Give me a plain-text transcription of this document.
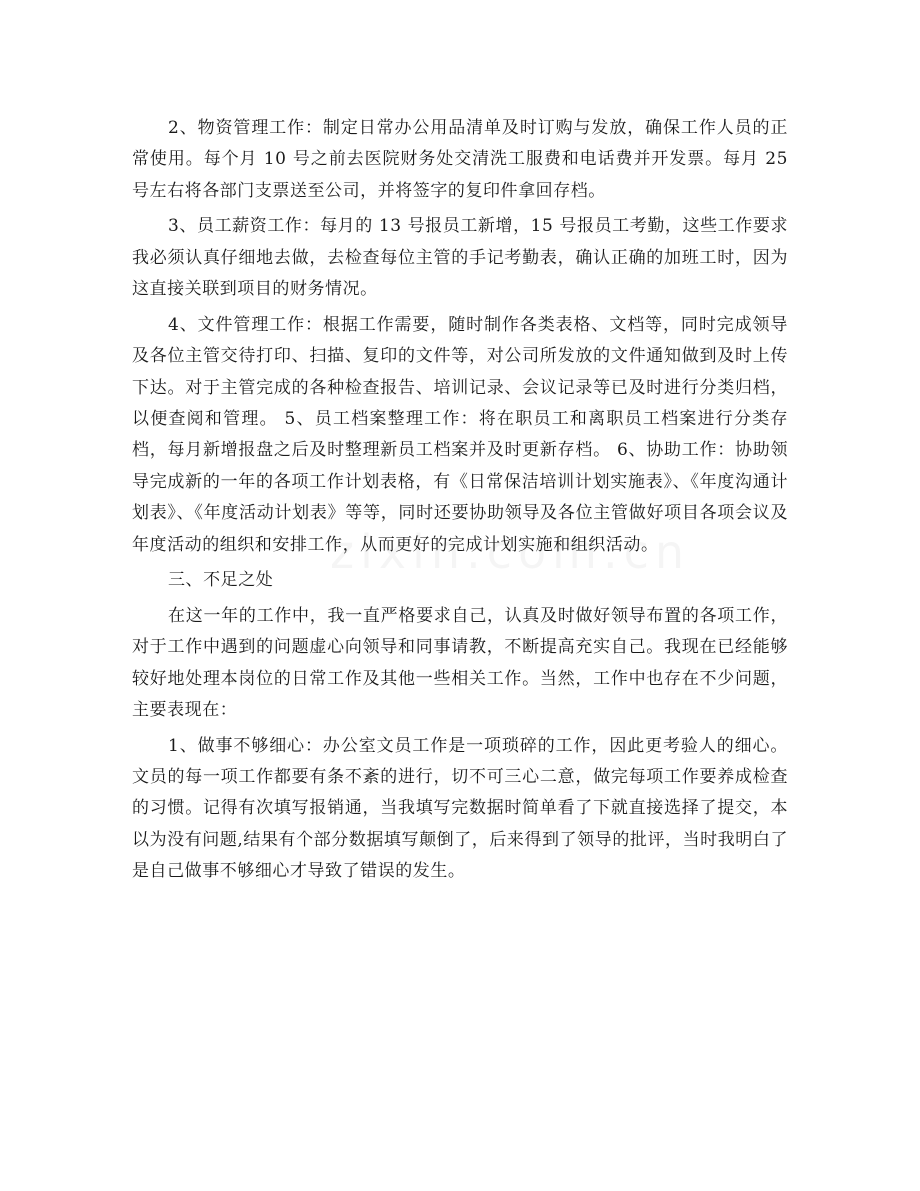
2、物资管理工作：制定日常办公用品清单及时订购与发放，确保工作人员的正常使用。每个月 10 号之前去医院财务处交清洗工服费和电话费并开发票。每月 25 号左右将各部门支票送至公司，并将签字的复印件拿回存档。

3、员工薪资工作：每月的 13 号报员工新增，15 号报员工考勤，这些工作要求我必须认真仔细地去做，去检查每位主管的手记考勤表，确认正确的加班工时，因为这直接关联到项目的财务情况。

4、文件管理工作：根据工作需要，随时制作各类表格、文档等，同时完成领导及各位主管交待打印、扫描、复印的文件等，对公司所发放的文件通知做到及时上传下达。对于主管完成的各种检查报告、培训记录、会议记录等已及时进行分类归档，以便查阅和管理。 5、员工档案整理工作：将在职员工和离职员工档案进行分类存档，每月新增报盘之后及时整理新员工档案并及时更新存档。 6、协助工作：协助领导完成新的一年的各项工作计划表格，有《日常保洁培训计划实施表》、《年度沟通计划表》、《年度活动计划表》等等，同时还要协助领导及各位主管做好项目各项会议及年度活动的组织和安排工作，从而更好的完成计划实施和组织活动。

三、不足之处

在这一年的工作中，我一直严格要求自己，认真及时做好领导布置的各项工作，对于工作中遇到的问题虚心向领导和同事请教，不断提高充实自己。我现在已经能够较好地处理本岗位的日常工作及其他一些相关工作。当然，工作中也存在不少问题，主要表现在：

1、做事不够细心：办公室文员工作是一项琐碎的工作，因此更考验人的细心。文员的每一项工作都要有条不紊的进行，切不可三心二意，做完每项工作要养成检查的习惯。记得有次填写报销通，当我填写完数据时简单看了下就直接选择了提交，本以为没有问题,结果有个部分数据填写颠倒了，后来得到了领导的批评，当时我明白了是自己做事不够细心才导致了错误的发生。
